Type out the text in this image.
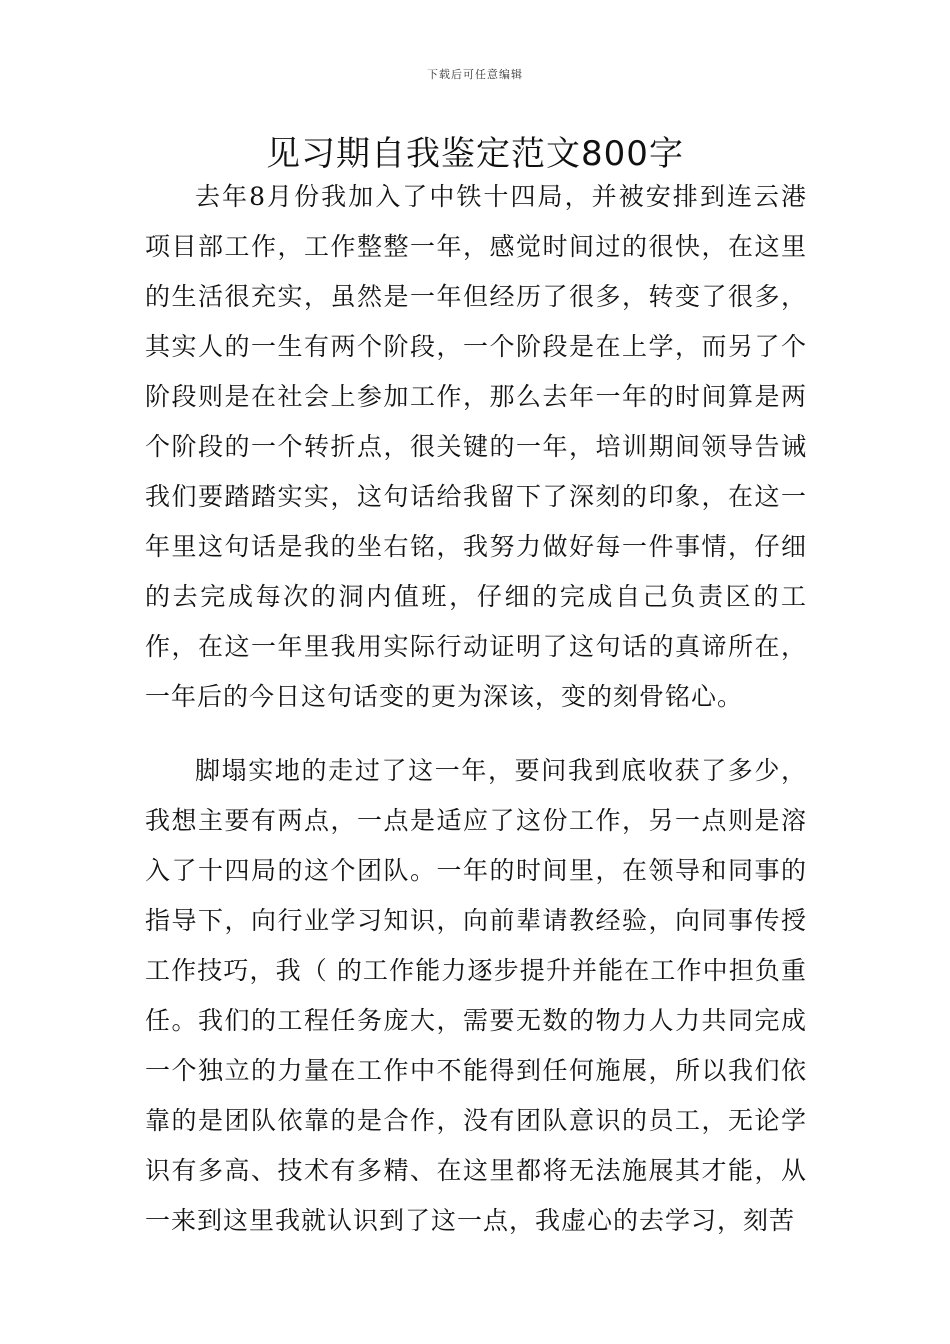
下载后可任意编辑
见习期自我鉴定范文800字

去年8月份我加入了中铁十四局，并被安排到连云港项目部工作，工作整整一年，感觉时间过的很快，在这里的生活很充实，虽然是一年但经历了很多，转变了很多，其实人的一生有两个阶段，一个阶段是在上学，而另了个阶段则是在社会上参加工作，那么去年一年的时间算是两个阶段的一个转折点，很关键的一年，培训期间领导告诫我们要踏踏实实，这句话给我留下了深刻的印象，在这一年里这句话是我的坐右铭，我努力做好每一件事情，仔细的去完成每次的洞内值班，仔细的完成自己负责区的工作，在这一年里我用实际行动证明了这句话的真谛所在，一年后的今日这句话变的更为深该，变的刻骨铭心。

脚塌实地的走过了这一年，要问我到底收获了多少，我想主要有两点，一点是适应了这份工作，另一点则是溶入了十四局的这个团队。一年的时间里，在领导和同事的指导下，向行业学习知识，向前辈请教经验，向同事传授工作技巧，我（ 的工作能力逐步提升并能在工作中担负重任。我们的工程任务庞大，需要无数的物力人力共同完成一个独立的力量在工作中不能得到任何施展，所以我们依靠的是团队依靠的是合作，没有团队意识的员工，无论学识有多高、技术有多精、在这里都将无法施展其才能，从一来到这里我就认识到了这一点，我虚心的去学习，刻苦
